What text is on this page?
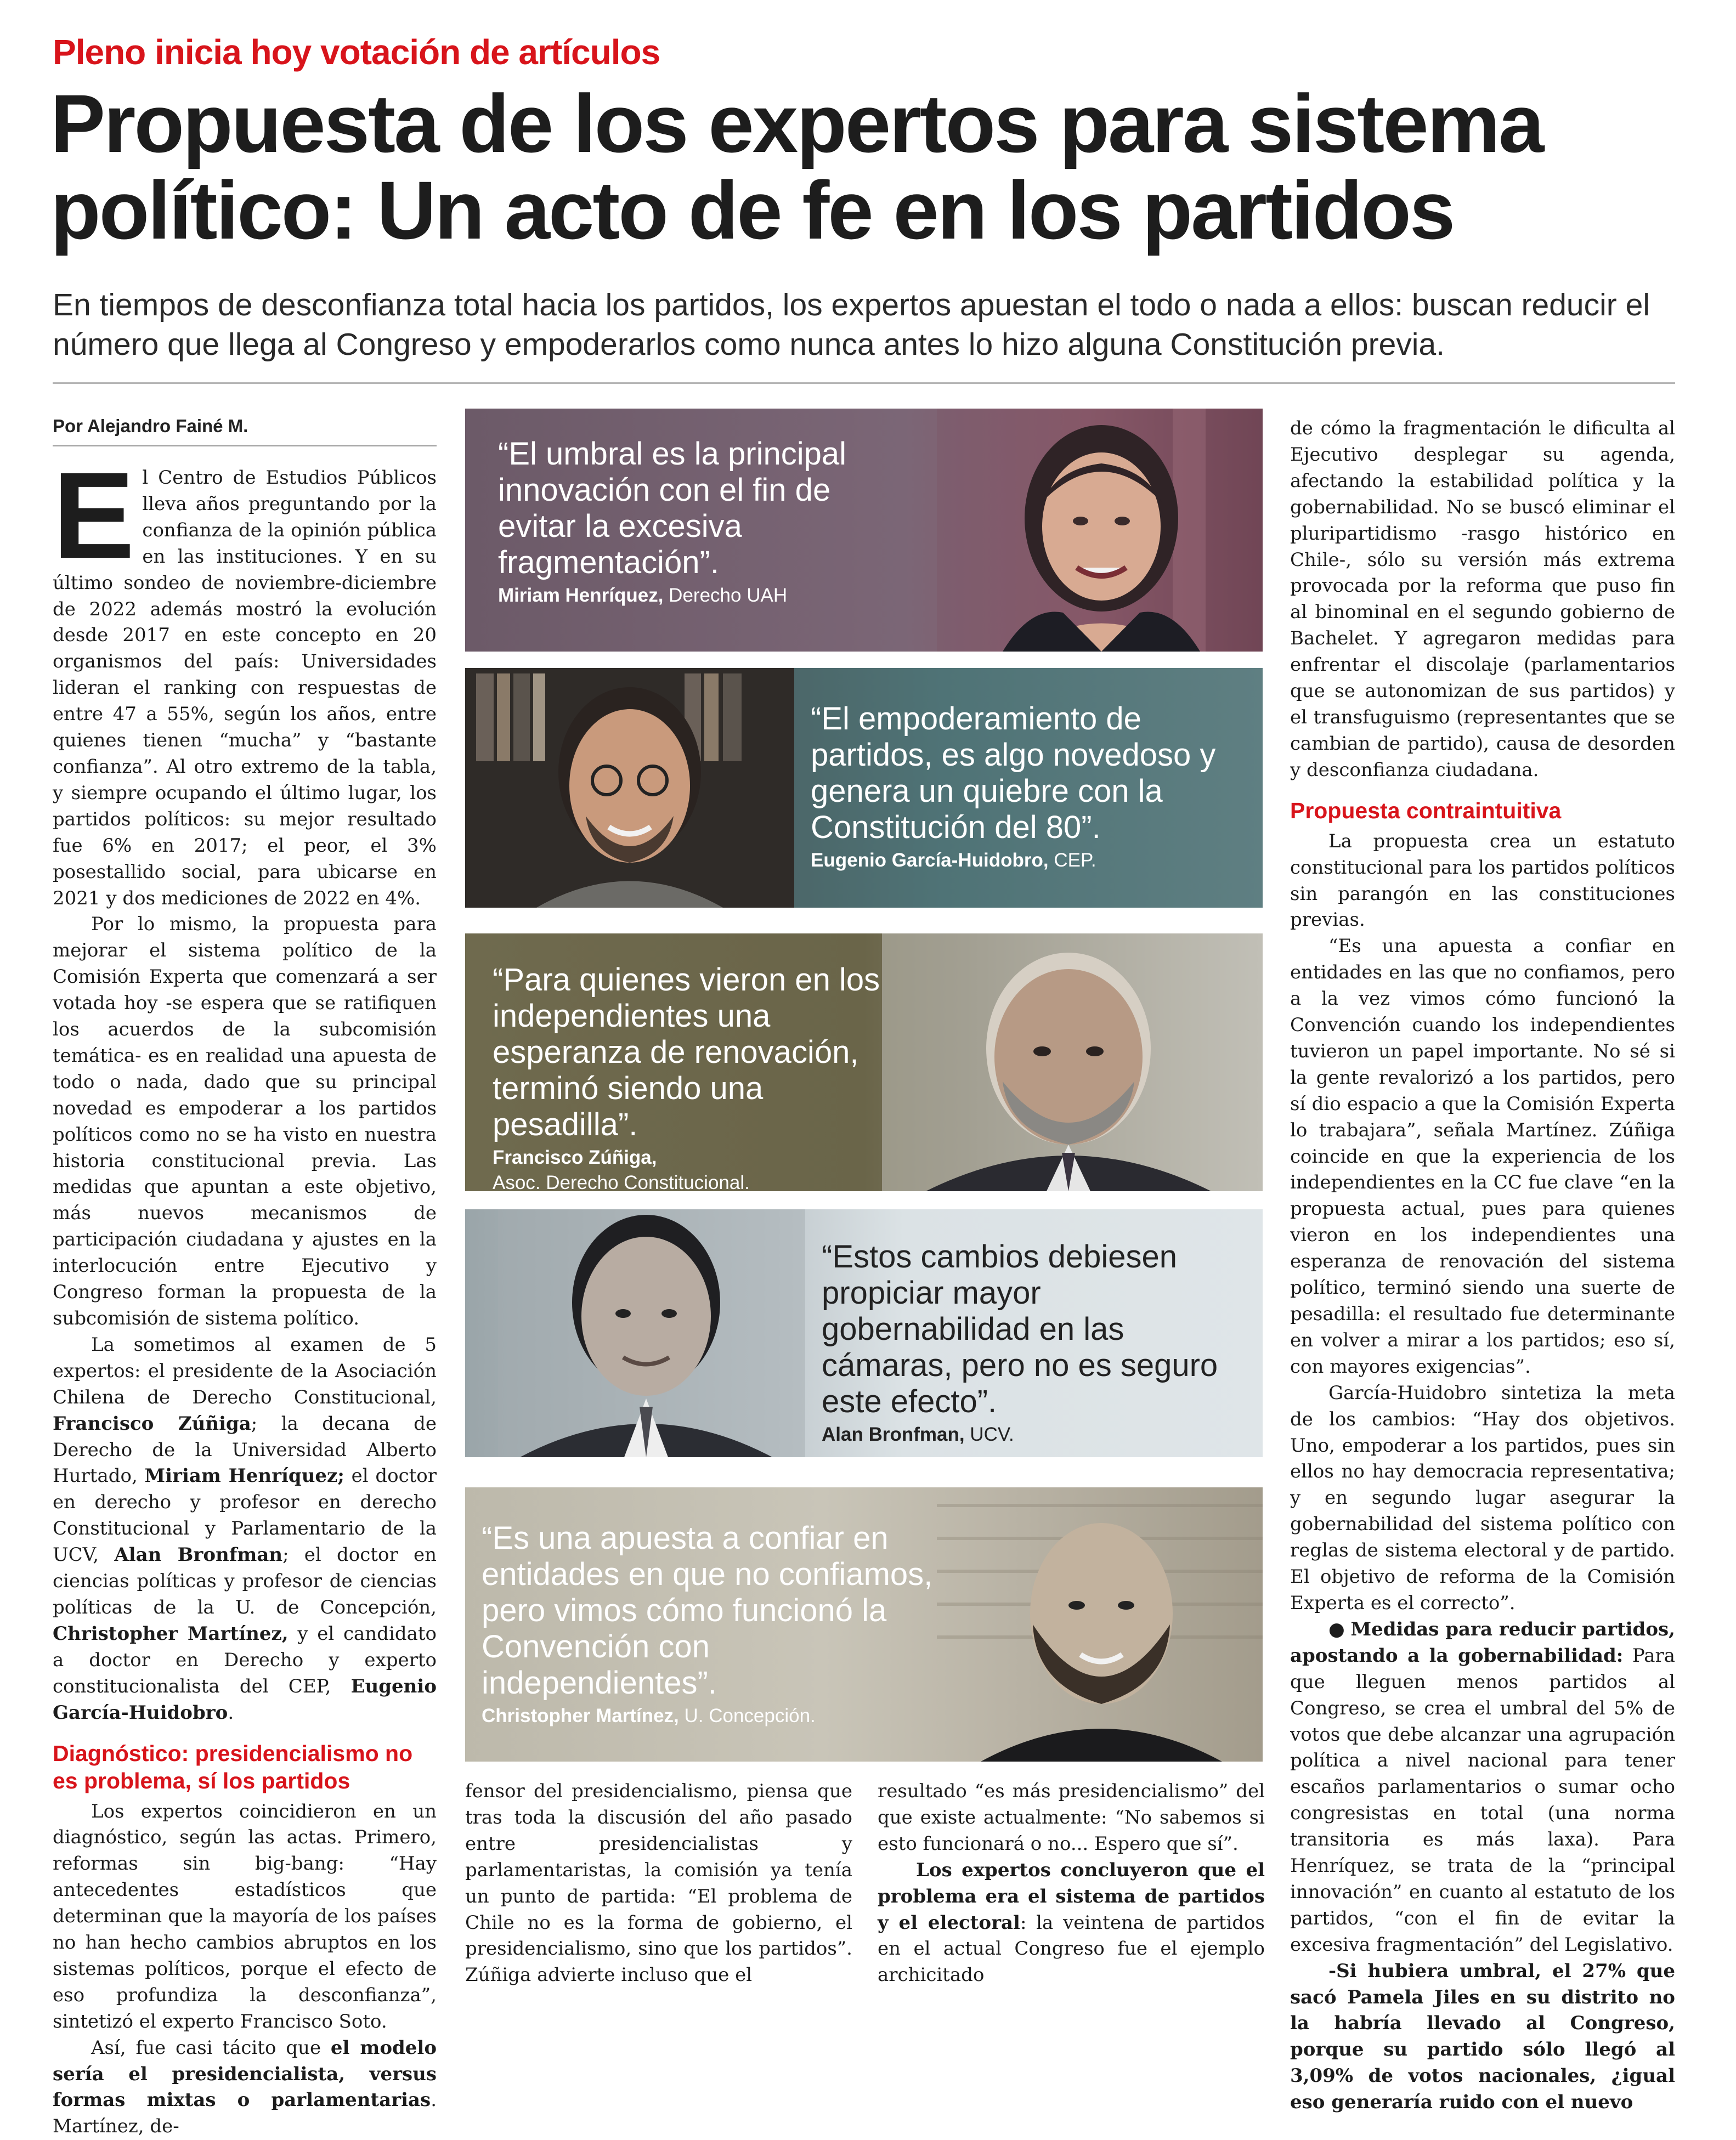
Pleno inicia hoy votación de artículos
Propuesta de los expertos para sistema
político: Un acto de fe en los partidos
En tiempos de desconfianza total hacia los partidos, los expertos apuestan el todo o nada a ellos: buscan reducir el número que llega al Congreso y empoderarlos como nunca antes lo hizo alguna Constitución previa.
Por Alejandro Fainé M.
E l Centro de Estudios Públicos lleva años preguntando por la confianza de la opinión pública en las instituciones. Y en su último sondeo de noviembre-diciembre de 2022 además mostró la evolución desde 2017 en este concepto en 20 organismos del país: Universidades lideran el ranking con respuestas de entre 47 a 55%, según los años, entre quienes tienen “mucha” y “bastante confianza”. Al otro extremo de la tabla, y siempre ocupando el último lugar, los partidos políticos: su mejor resultado fue 6% en 2017; el peor, el 3% posestallido social, para ubicarse en 2021 y dos mediciones de 2022 en 4%.

Por lo mismo, la propuesta para mejorar el sistema político de la Comisión Experta que comenzará a ser votada hoy -se espera que se ratifiquen los acuerdos de la subcomisión temática- es en realidad una apuesta de todo o nada, dado que su principal novedad es empoderar a los partidos políticos como no se ha visto en nuestra historia constitucional previa. Las medidas que apuntan a este objetivo, más nuevos mecanismos de participación ciudadana y ajustes en la interlocución entre Ejecutivo y Congreso forman la propuesta de la subcomisión de sistema político.

La sometimos al examen de 5 expertos: el presidente de la Asociación Chilena de Derecho Constitucional, Francisco Zúñiga; la decana de Derecho de la Universidad Alberto Hurtado, Miriam Henríquez; el doctor en derecho y profesor en derecho Constitucional y Parlamentario de la UCV, Alan Bronfman; el doctor en ciencias políticas y profesor de ciencias políticas de la U. de Concepción, Christopher Martínez, y el candidato a doctor en Derecho y experto constitucionalista del CEP, Eugenio García-Huidobro.

Diagnóstico: presidencialismo no es problema, sí los partidos

Los expertos coincidieron en un diagnóstico, según las actas. Primero, reformas sin big-bang: “Hay antecedentes estadísticos que determinan que la mayoría de los países no han hecho cambios abruptos en los sistemas políticos, porque el efecto de eso profundiza la desconfianza”, sintetizó el experto Francisco Soto.

Así, fue casi tácito que el modelo sería el presidencialista, versus formas mixtas o parlamentarias. Martínez, de-

fensor del presidencialismo, piensa que tras toda la discusión del año pasado entre presidencialistas y parlamentaristas, la comisión ya tenía un punto de partida: “El problema de Chile no es la forma de gobierno, el presidencialismo, sino que los partidos”. Zúñiga advierte incluso que el

resultado “es más presidencialismo” del que existe actualmente: “No sabemos si esto funcionará o no... Espero que sí”.

Los expertos concluyeron que el problema era el sistema de partidos y el electoral: la veintena de partidos en el actual Congreso fue el ejemplo archicitado

de cómo la fragmentación le dificulta al Ejecutivo desplegar su agenda, afectando la estabilidad política y la gobernabilidad. No se buscó eliminar el pluripartidismo -rasgo histórico en Chile-, sólo su versión más extrema provocada por la reforma que puso fin al binominal en el segundo gobierno de Bachelet. Y agregaron medidas para enfrentar el discolaje (parlamentarios que se autonomizan de sus partidos) y el transfuguismo (representantes que se cambian de partido), causa de desorden y desconfianza ciudadana.

Propuesta contraintuitiva

La propuesta crea un estatuto constitucional para los partidos políticos sin parangón en las constituciones previas.

“Es una apuesta a confiar en entidades en las que no confiamos, pero a la vez vimos cómo funcionó la Convención cuando los independientes tuvieron un papel importante. No sé si la gente revalorizó a los partidos, pero sí dio espacio a que la Comisión Experta lo trabajara”, señala Martínez. Zúñiga coincide en que la experiencia de los independientes en la CC fue clave “en la propuesta actual, pues para quienes vieron en los independientes una esperanza de renovación del sistema político, terminó siendo una suerte de pesadilla: el resultado fue determinante en volver a mirar a los partidos; eso sí, con mayores exigencias”.

García-Huidobro sintetiza la meta de los cambios: “Hay dos objetivos. Uno, empoderar a los partidos, pues sin ellos no hay democracia representativa; y en segundo lugar asegurar la gobernabilidad del sistema político con reglas de sistema electoral y de partido. El objetivo de reforma de la Comisión Experta es el correcto”.

● Medidas para reducir partidos, apostando a la gobernabilidad: Para que lleguen menos partidos al Congreso, se crea el umbral del 5% de votos que debe alcanzar una agrupación política a nivel nacional para tener escaños parlamentarios o sumar ocho congresistas en total (una norma transitoria es más laxa). Para Henríquez, se trata de la “principal innovación” en cuanto al estatuto de los partidos, “con el fin de evitar la excesiva fragmentación” del Legislativo.

-Si hubiera umbral, el 27% que sacó Pamela Jiles en su distrito no la habría llevado al Congreso, porque su partido sólo llegó al 3,09% de votos nacionales, ¿igual eso generaría ruido con el nuevo

“El umbral es la principal innovación con el fin de evitar la excesiva fragmentación”.
Miriam Henríquez, Derecho UAH
“El empoderamiento de partidos, es algo novedoso y genera un quiebre con la Constitución del 80”.
Eugenio García-Huidobro, CEP.
“Para quienes vieron en los independientes una esperanza de renovación, terminó siendo una pesadilla”.
Francisco Zúñiga,
Asoc. Derecho Constitucional.
“Estos cambios debiesen propiciar mayor gobernabilidad en las cámaras, pero no es seguro este efecto”.
Alan Bronfman, UCV.
“Es una apuesta a confiar en entidades en que no confiamos, pero vimos cómo funcionó la Convención con independientes”.
Christopher Martínez, U. Concepción.
